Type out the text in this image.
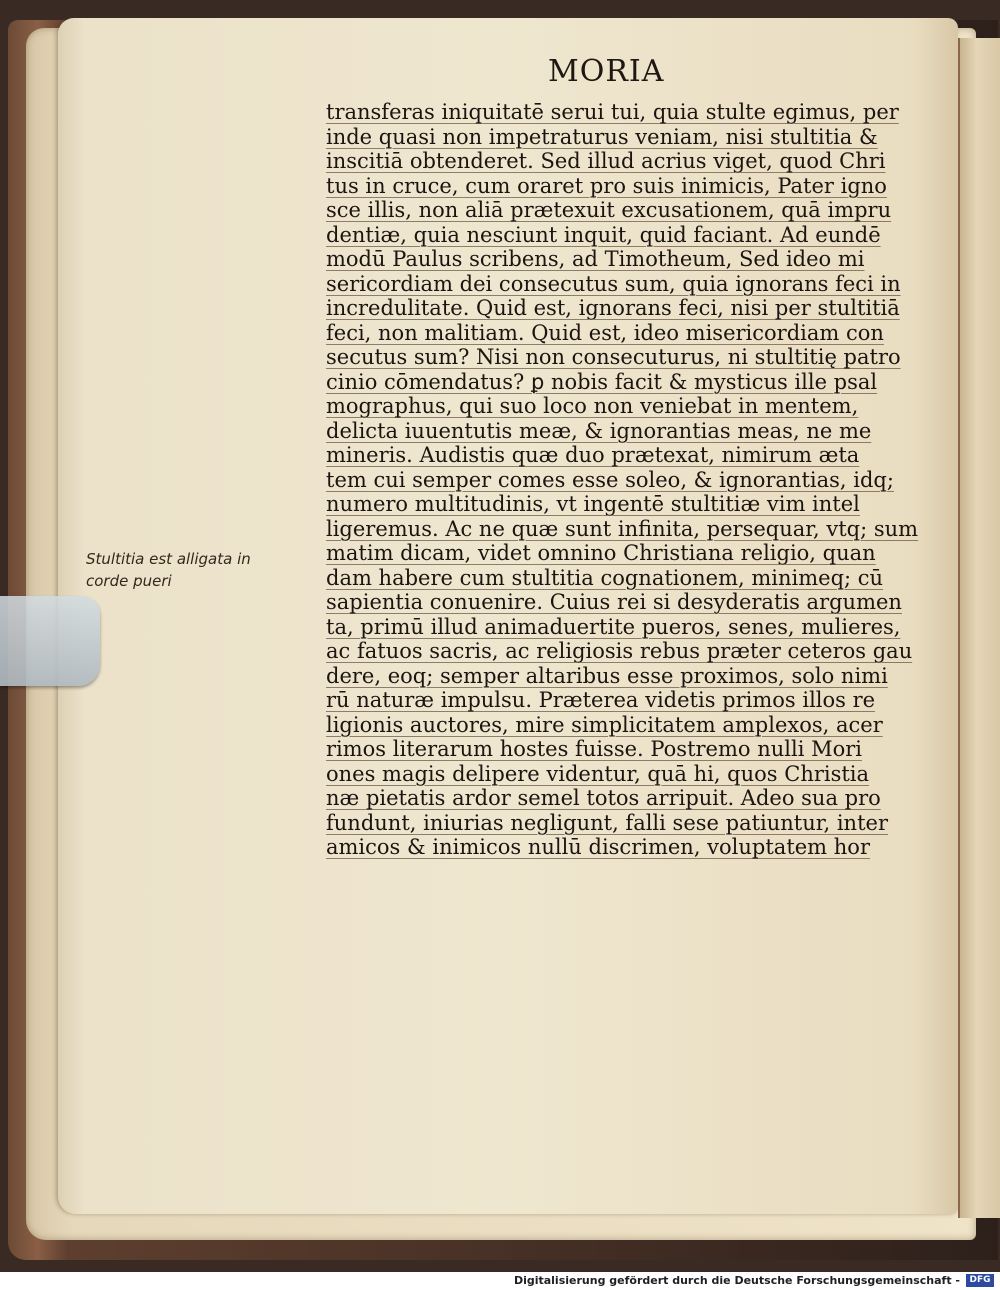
MORIA
transferas iniquitatē serui tui, quia stulte egimus, per
inde quasi non impetraturus veniam, nisi stultitia &
inscitiā obtenderet. Sed illud acrius viget, quod Chri
tus in cruce, cum oraret pro suis inimicis, Pater igno
sce illis, non aliā prætexuit excusationem, quā impru
dentiæ, quia nesciunt inquit, quid faciant. Ad eundē
modū Paulus scribens, ad Timotheum, Sed ideo mi
sericordiam dei consecutus sum, quia ignorans feci in
incredulitate. Quid est, ignorans feci, nisi per stultitiā
feci, non malitiam. Quid est, ideo misericordiam con
secutus sum? Nisi non consecuturus, ni stultitię patro
cinio cōmendatus? ꝑ nobis facit & mysticus ille psal
mographus, qui suo loco non veniebat in mentem,
delicta iuuentutis meæ, & ignorantias meas, ne me
mineris. Audistis quæ duo prætexat, nimirum æta
tem cui semper comes esse soleo, & ignorantias, idq;
numero multitudinis, vt ingentē stultitiæ vim intel
ligeremus. Ac ne quæ sunt infinita, persequar, vtq; sum
matim dicam, videt omnino Christiana religio, quan
dam habere cum stultitia cognationem, minimeq; cū
sapientia conuenire. Cuius rei si desyderatis argumen
ta, primū illud animaduertite pueros, senes, mulieres,
ac fatuos sacris, ac religiosis rebus præter ceteros gau
dere, eoq; semper altaribus esse proximos, solo nimi
rū naturæ impulsu. Præterea videtis primos illos re
ligionis auctores, mire simplicitatem amplexos, acer
rimos literarum hostes fuisse. Postremo nulli Mori
ones magis delipere videntur, quā hi, quos Christia
næ pietatis ardor semel totos arripuit. Adeo sua pro
fundunt, iniurias negligunt, falli sese patiuntur, inter
amicos & inimicos nullū discrimen, voluptatem hor
Stultitia est alligata in
corde pueri
Digitalisierung gefördert durch die Deutsche Forschungsgemeinschaft -	DFG
